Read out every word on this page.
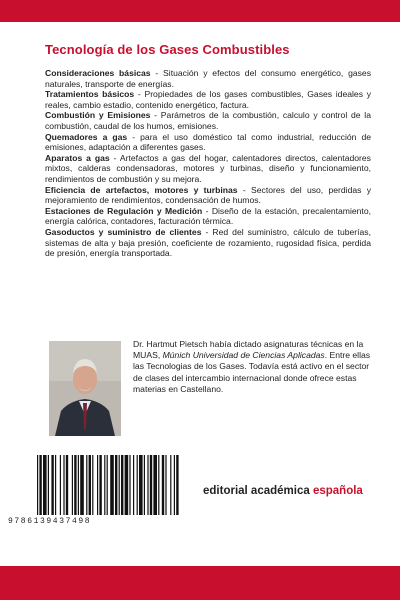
Tecnología de los Gases Combustibles

Consideraciones básicas - Situación y efectos del consumo energético, gases naturales, transporte de energías.

Tratamientos básicos - Propiedades de los gases combustibles, Gases ideales y reales, cambio estadio, contenido energético, factura.

Combustión y Emisiones - Parámetros de la combustión, calculo y control de la combustión, caudal de los humos, emisiones.

Quemadores a gas - para el uso doméstico tal como industrial, reducción de emisiones, adaptación a diferentes gases.

Aparatos a gas - Artefactos a gas del hogar, calentadores directos, calentadores mixtos, calderas condensadoras, motores y turbinas, diseño y funcionamiento, rendimientos de combustión y su mejora.

Eficiencia de artefactos, motores y turbinas - Sectores del uso, perdidas y mejoramiento de rendimientos, condensación de humos.

Estaciones de Regulación y Medición - Diseño de la estación, precalentamiento, energía calórica, contadores, facturación térmica.

Gasoductos y suministro de clientes - Red del suministro, cálculo de tuberías, sistemas de alta y baja presión, coeficiente de rozamiento, rugosidad física, perdida de presión, energía transportada.

Dr. Hartmut Pietsch había dictado asignaturas técnicas en la MUAS, Múnich Universidad de Ciencias Aplicadas. Entre ellas las Tecnologias de los Gases. Todavía está activo en el sector de clases del intercambio internacional donde ofrece estas materias en Castellano.
9786139437498
editorial académica española
